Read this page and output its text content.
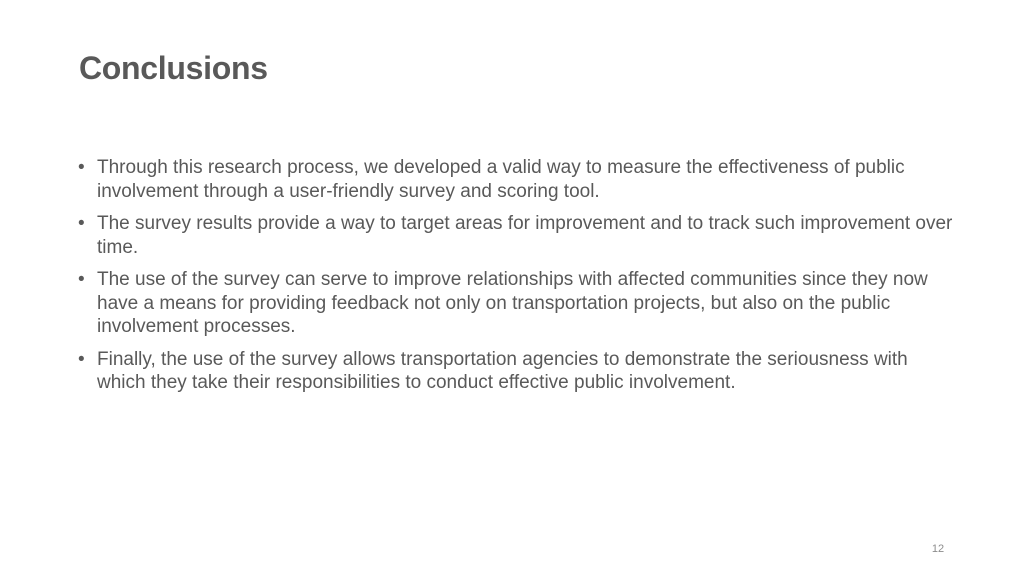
Conclusions
• Through this research process, we developed a valid way to measure the effectiveness of public involvement through a user-friendly survey and scoring tool.
• The survey results provide a way to target areas for improvement and to track such improvement over time.
• The use of the survey can serve to improve relationships with affected communities since they now have a means for providing feedback not only on transportation projects, but also on the public involvement processes.
• Finally, the use of the survey allows transportation agencies to demonstrate the seriousness with which they take their responsibilities to conduct effective public involvement.
12
